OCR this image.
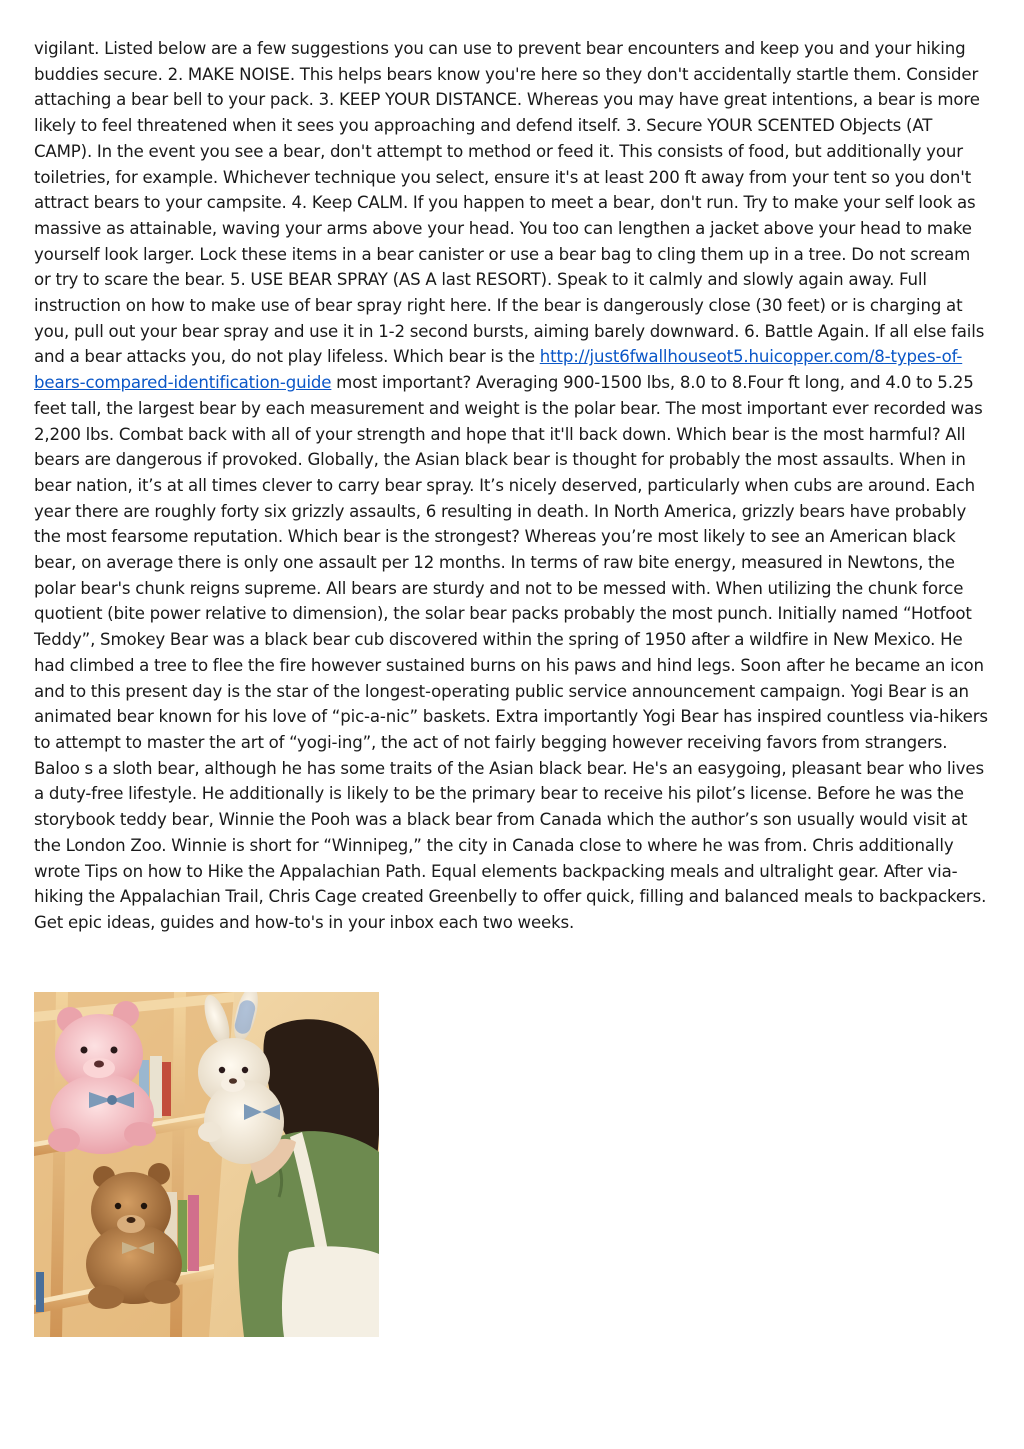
vigilant. Listed below are a few suggestions you can use to prevent bear encounters and keep you and your hiking buddies secure. 2. MAKE NOISE. This helps bears know you're here so they don't accidentally startle them. Consider attaching a bear bell to your pack. 3. KEEP YOUR DISTANCE. Whereas you may have great intentions, a bear is more likely to feel threatened when it sees you approaching and defend itself. 3. Secure YOUR SCENTED Objects (AT CAMP). In the event you see a bear, don't attempt to method or feed it. This consists of food, but additionally your toiletries, for example. Whichever technique you select, ensure it's at least 200 ft away from your tent so you don't attract bears to your campsite. 4. Keep CALM. If you happen to meet a bear, don't run. Try to make your self look as massive as attainable, waving your arms above your head. You too can lengthen a jacket above your head to make yourself look larger. Lock these items in a bear canister or use a bear bag to cling them up in a tree. Do not scream or try to scare the bear. 5. USE BEAR SPRAY (AS A last RESORT). Speak to it calmly and slowly again away. Full instruction on how to make use of bear spray right here. If the bear is dangerously close (30 feet) or is charging at you, pull out your bear spray and use it in 1-2 second bursts, aiming barely downward. 6. Battle Again. If all else fails and a bear attacks you, do not play lifeless. Which bear is the http://just6fwallhouseot5.huicopper.com/8-types-of-bears-compared-identification-guide most important? Averaging 900-1500 lbs, 8.0 to 8.Four ft long, and 4.0 to 5.25 feet tall, the largest bear by each measurement and weight is the polar bear. The most important ever recorded was 2,200 lbs. Combat back with all of your strength and hope that it'll back down. Which bear is the most harmful? All bears are dangerous if provoked. Globally, the Asian black bear is thought for probably the most assaults. When in bear nation, it’s at all times clever to carry bear spray. It’s nicely deserved, particularly when cubs are around. Each year there are roughly forty six grizzly assaults, 6 resulting in death. In North America, grizzly bears have probably the most fearsome reputation. Which bear is the strongest? Whereas you’re most likely to see an American black bear, on average there is only one assault per 12 months. In terms of raw bite energy, measured in Newtons, the polar bear's chunk reigns supreme. All bears are sturdy and not to be messed with. When utilizing the chunk force quotient (bite power relative to dimension), the solar bear packs probably the most punch. Initially named “Hotfoot Teddy”, Smokey Bear was a black bear cub discovered within the spring of 1950 after a wildfire in New Mexico. He had climbed a tree to flee the fire however sustained burns on his paws and hind legs. Soon after he became an icon and to this present day is the star of the longest-operating public service announcement campaign. Yogi Bear is an animated bear known for his love of “pic-a-nic” baskets. Extra importantly Yogi Bear has inspired countless via-hikers to attempt to master the art of “yogi-ing”, the act of not fairly begging however receiving favors from strangers. Baloo s a sloth bear, although he has some traits of the Asian black bear. He's an easygoing, pleasant bear who lives a duty-free lifestyle. He additionally is likely to be the primary bear to receive his pilot’s license. Before he was the storybook teddy bear, Winnie the Pooh was a black bear from Canada which the author’s son usually would visit at the London Zoo. Winnie is short for “Winnipeg,” the city in Canada close to where he was from. Chris additionally wrote Tips on how to Hike the Appalachian Path. Equal elements backpacking meals and ultralight gear. After via-hiking the Appalachian Trail, Chris Cage created Greenbelly to offer quick, filling and balanced meals to backpackers. Get epic ideas, guides and how-to's in your inbox each two weeks.
